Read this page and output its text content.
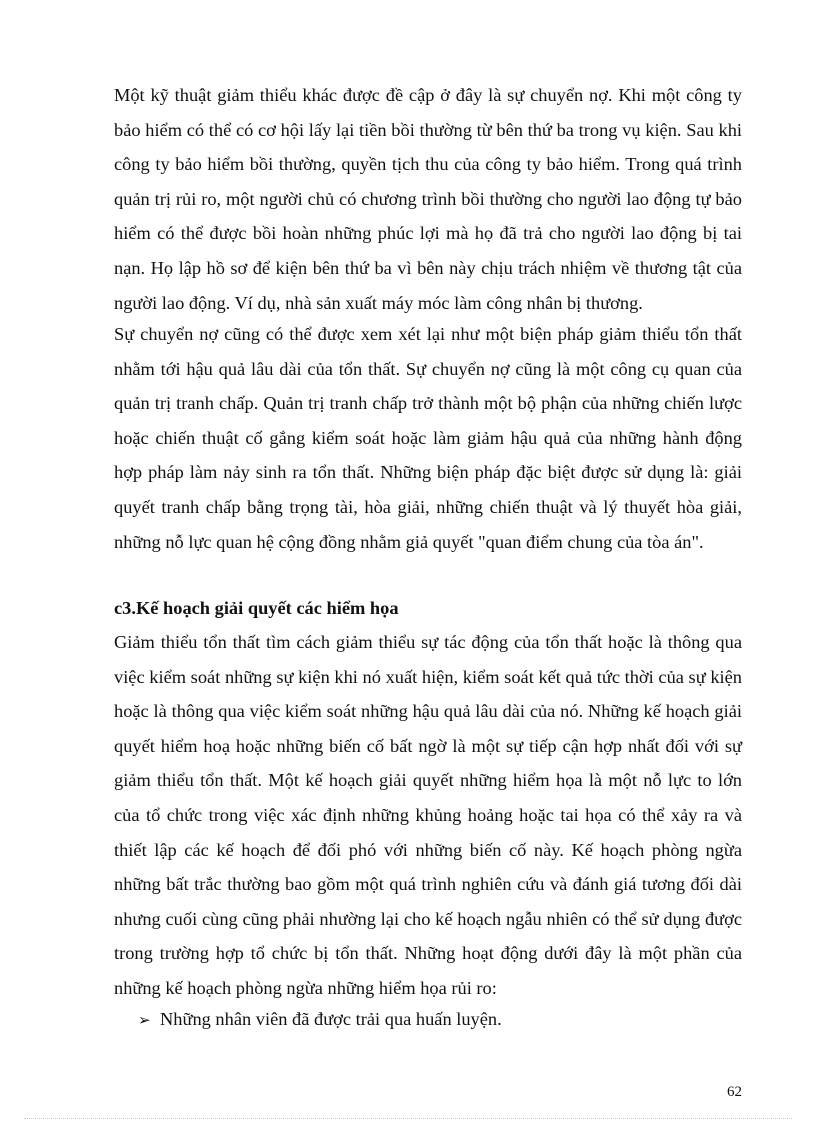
Một kỹ thuật giảm thiểu khác được đề cập ở đây là sự chuyển nợ. Khi một công ty bảo hiểm có thể có cơ hội lấy lại tiền bồi thường từ bên thứ ba trong vụ kiện. Sau khi công ty bảo hiểm bồi thường, quyền tịch thu của công ty bảo hiểm. Trong quá trình quản trị rủi ro, một người chủ có chương trình bồi thường cho người lao động tự bảo hiểm có thể được bồi hoàn những phúc lợi mà họ đã trả cho người lao động bị tai nạn. Họ lập hồ sơ để kiện bên thứ ba vì bên này chịu trách nhiệm về thương tật của người lao động. Ví dụ, nhà sản xuất máy móc làm công nhân bị thương.
Sự chuyển nợ cũng có thể được xem xét lại như một biện pháp giảm thiểu tổn thất nhằm tới hậu quả lâu dài của tổn thất. Sự chuyển nợ cũng là một công cụ quan của quản trị tranh chấp. Quản trị tranh chấp trở thành một bộ phận của những chiến lược hoặc chiến thuật cố gắng kiểm soát hoặc làm giảm hậu quả của những hành động hợp pháp làm nảy sinh ra tổn thất. Những biện pháp đặc biệt được sử dụng là: giải quyết tranh chấp bằng trọng tài, hòa giải, những chiến thuật và lý thuyết hòa giải, những nỗ lực quan hệ cộng đồng nhằm giả quyết "quan điểm chung của tòa án".
c3.Kế hoạch giải quyết các hiểm họa
Giảm thiểu tổn thất tìm cách giảm thiểu sự tác động của tổn thất hoặc là thông qua việc kiểm soát những sự kiện khi nó xuất hiện, kiểm soát kết quả tức thời của sự kiện hoặc là thông qua việc kiểm soát những hậu quả lâu dài của nó. Những kế hoạch giải quyết hiểm hoạ hoặc những biến cố bất ngờ là một sự tiếp cận hợp nhất đối với sự giảm thiểu tổn thất. Một kế hoạch giải quyết những hiểm họa là một nỗ lực to lớn của tổ chức trong việc xác định những khủng hoảng hoặc tai họa có thể xảy ra và thiết lập các kế hoạch để đối phó với những biến cố này. Kế hoạch phòng ngừa những bất trắc thường bao gồm một quá trình nghiên cứu và đánh giá tương đối dài nhưng cuối cùng cũng phải nhường lại cho kế hoạch ngẫu nhiên có thể sử dụng được trong trường hợp tổ chức bị tổn thất. Những hoạt động dưới đây là một phần của những kế hoạch phòng ngừa những hiểm họa rủi ro:
➢ Những nhân viên đã được trải qua huấn luyện.
62
